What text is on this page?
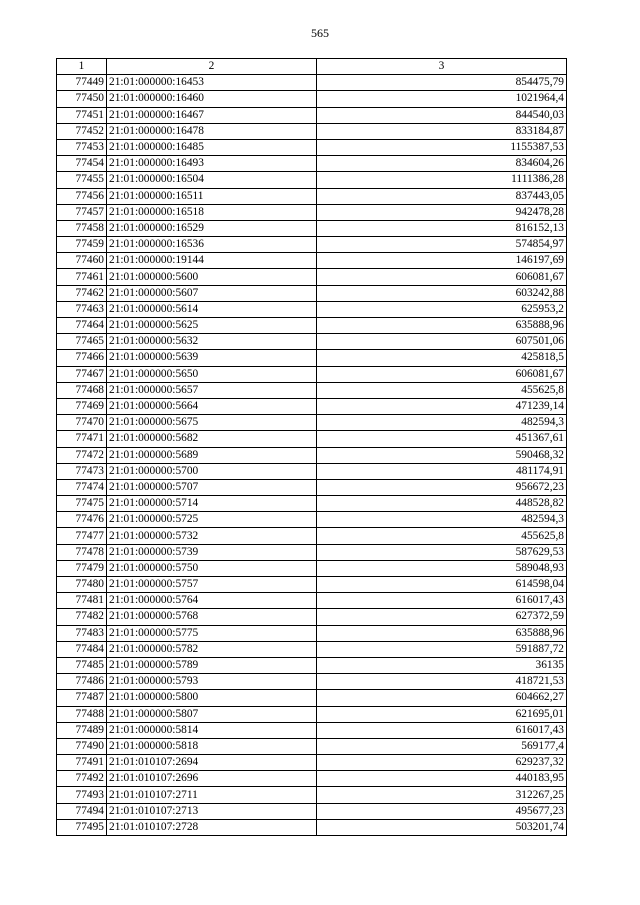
565
1	2	3
77449	21:01:000000:16453	854475,79
77450	21:01:000000:16460	1021964,4
77451	21:01:000000:16467	844540,03
77452	21:01:000000:16478	833184,87
77453	21:01:000000:16485	1155387,53
77454	21:01:000000:16493	834604,26
77455	21:01:000000:16504	1111386,28
77456	21:01:000000:16511	837443,05
77457	21:01:000000:16518	942478,28
77458	21:01:000000:16529	816152,13
77459	21:01:000000:16536	574854,97
77460	21:01:000000:19144	146197,69
77461	21:01:000000:5600	606081,67
77462	21:01:000000:5607	603242,88
77463	21:01:000000:5614	625953,2
77464	21:01:000000:5625	635888,96
77465	21:01:000000:5632	607501,06
77466	21:01:000000:5639	425818,5
77467	21:01:000000:5650	606081,67
77468	21:01:000000:5657	455625,8
77469	21:01:000000:5664	471239,14
77470	21:01:000000:5675	482594,3
77471	21:01:000000:5682	451367,61
77472	21:01:000000:5689	590468,32
77473	21:01:000000:5700	481174,91
77474	21:01:000000:5707	956672,23
77475	21:01:000000:5714	448528,82
77476	21:01:000000:5725	482594,3
77477	21:01:000000:5732	455625,8
77478	21:01:000000:5739	587629,53
77479	21:01:000000:5750	589048,93
77480	21:01:000000:5757	614598,04
77481	21:01:000000:5764	616017,43
77482	21:01:000000:5768	627372,59
77483	21:01:000000:5775	635888,96
77484	21:01:000000:5782	591887,72
77485	21:01:000000:5789	36135
77486	21:01:000000:5793	418721,53
77487	21:01:000000:5800	604662,27
77488	21:01:000000:5807	621695,01
77489	21:01:000000:5814	616017,43
77490	21:01:000000:5818	569177,4
77491	21:01:010107:2694	629237,32
77492	21:01:010107:2696	440183,95
77493	21:01:010107:2711	312267,25
77494	21:01:010107:2713	495677,23
77495	21:01:010107:2728	503201,74
